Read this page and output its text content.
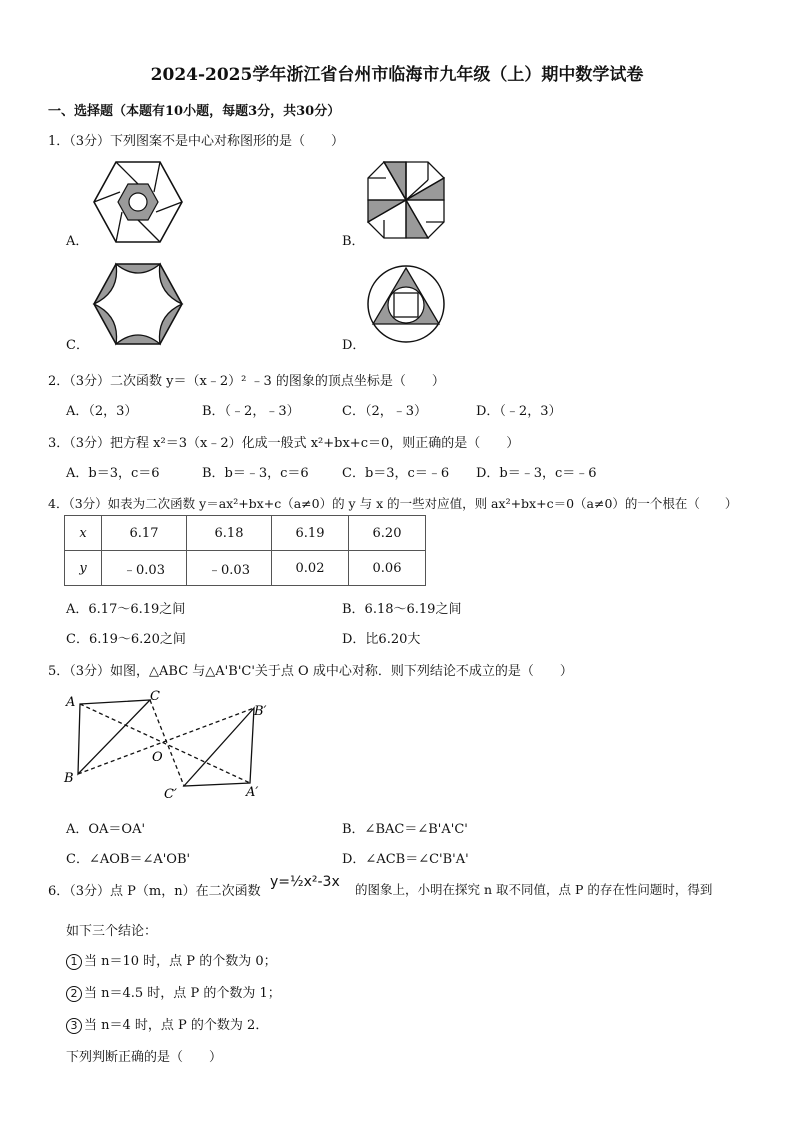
2024-2025学年浙江省台州市临海市九年级（上）期中数学试卷
一、选择题（本题有10小题，每题3分，共30分）
1．（3分）下列图案不是中心对称图形的是（　　）
A．	B．
C．	D．
2．（3分）二次函数 y＝（x﹣2）² ﹣3 的图象的顶点坐标是（　　）
A．（2，3）	B．（﹣2，﹣3）	C．（2，﹣3）	D．（﹣2，3）
3．（3分）把方程 x²＝3（x﹣2）化成一般式 x²+bx+c＝0，则正确的是（　　）
A．b＝3，c＝6	B．b＝﹣3，c＝6	C．b＝3，c＝﹣6 D．b＝﹣3，c＝﹣6
4．（3分）如表为二次函数 y＝ax²+bx+c（a≠0）的 y 与 x 的一些对应值，则 ax²+bx+c＝0（a≠0）的一个根在（　　）
x	6.17	6.18	6.19	6.20
y	﹣0.03	﹣0.03	0.02	0.06
A．6.17～6.19之间	B．6.18～6.19之间
C．6.19～6.20之间	D．比6.20大
5．（3分）如图，△ABC 与△A'B'C'关于点 O 成中心对称．则下列结论不成立的是（　　）
A	C
B
O
B′
C′	A′
A．OA＝OA'	B．∠BAC＝∠B'A'C'
C．∠AOB＝∠A'OB'	D．∠ACB＝∠C'B'A'
6．（3分）点 P（m，n）在二次函数
y=½x²-3x 的图象上，小明在探究 n 取不同值，点 P 的存在性问题时，得到
如下三个结论：
1 当 n＝10 时，点 P 的个数为 0；
2 当 n＝4.5 时，点 P 的个数为 1；
3 当 n＝4 时，点 P 的个数为 2．
下列判断正确的是（　　）
